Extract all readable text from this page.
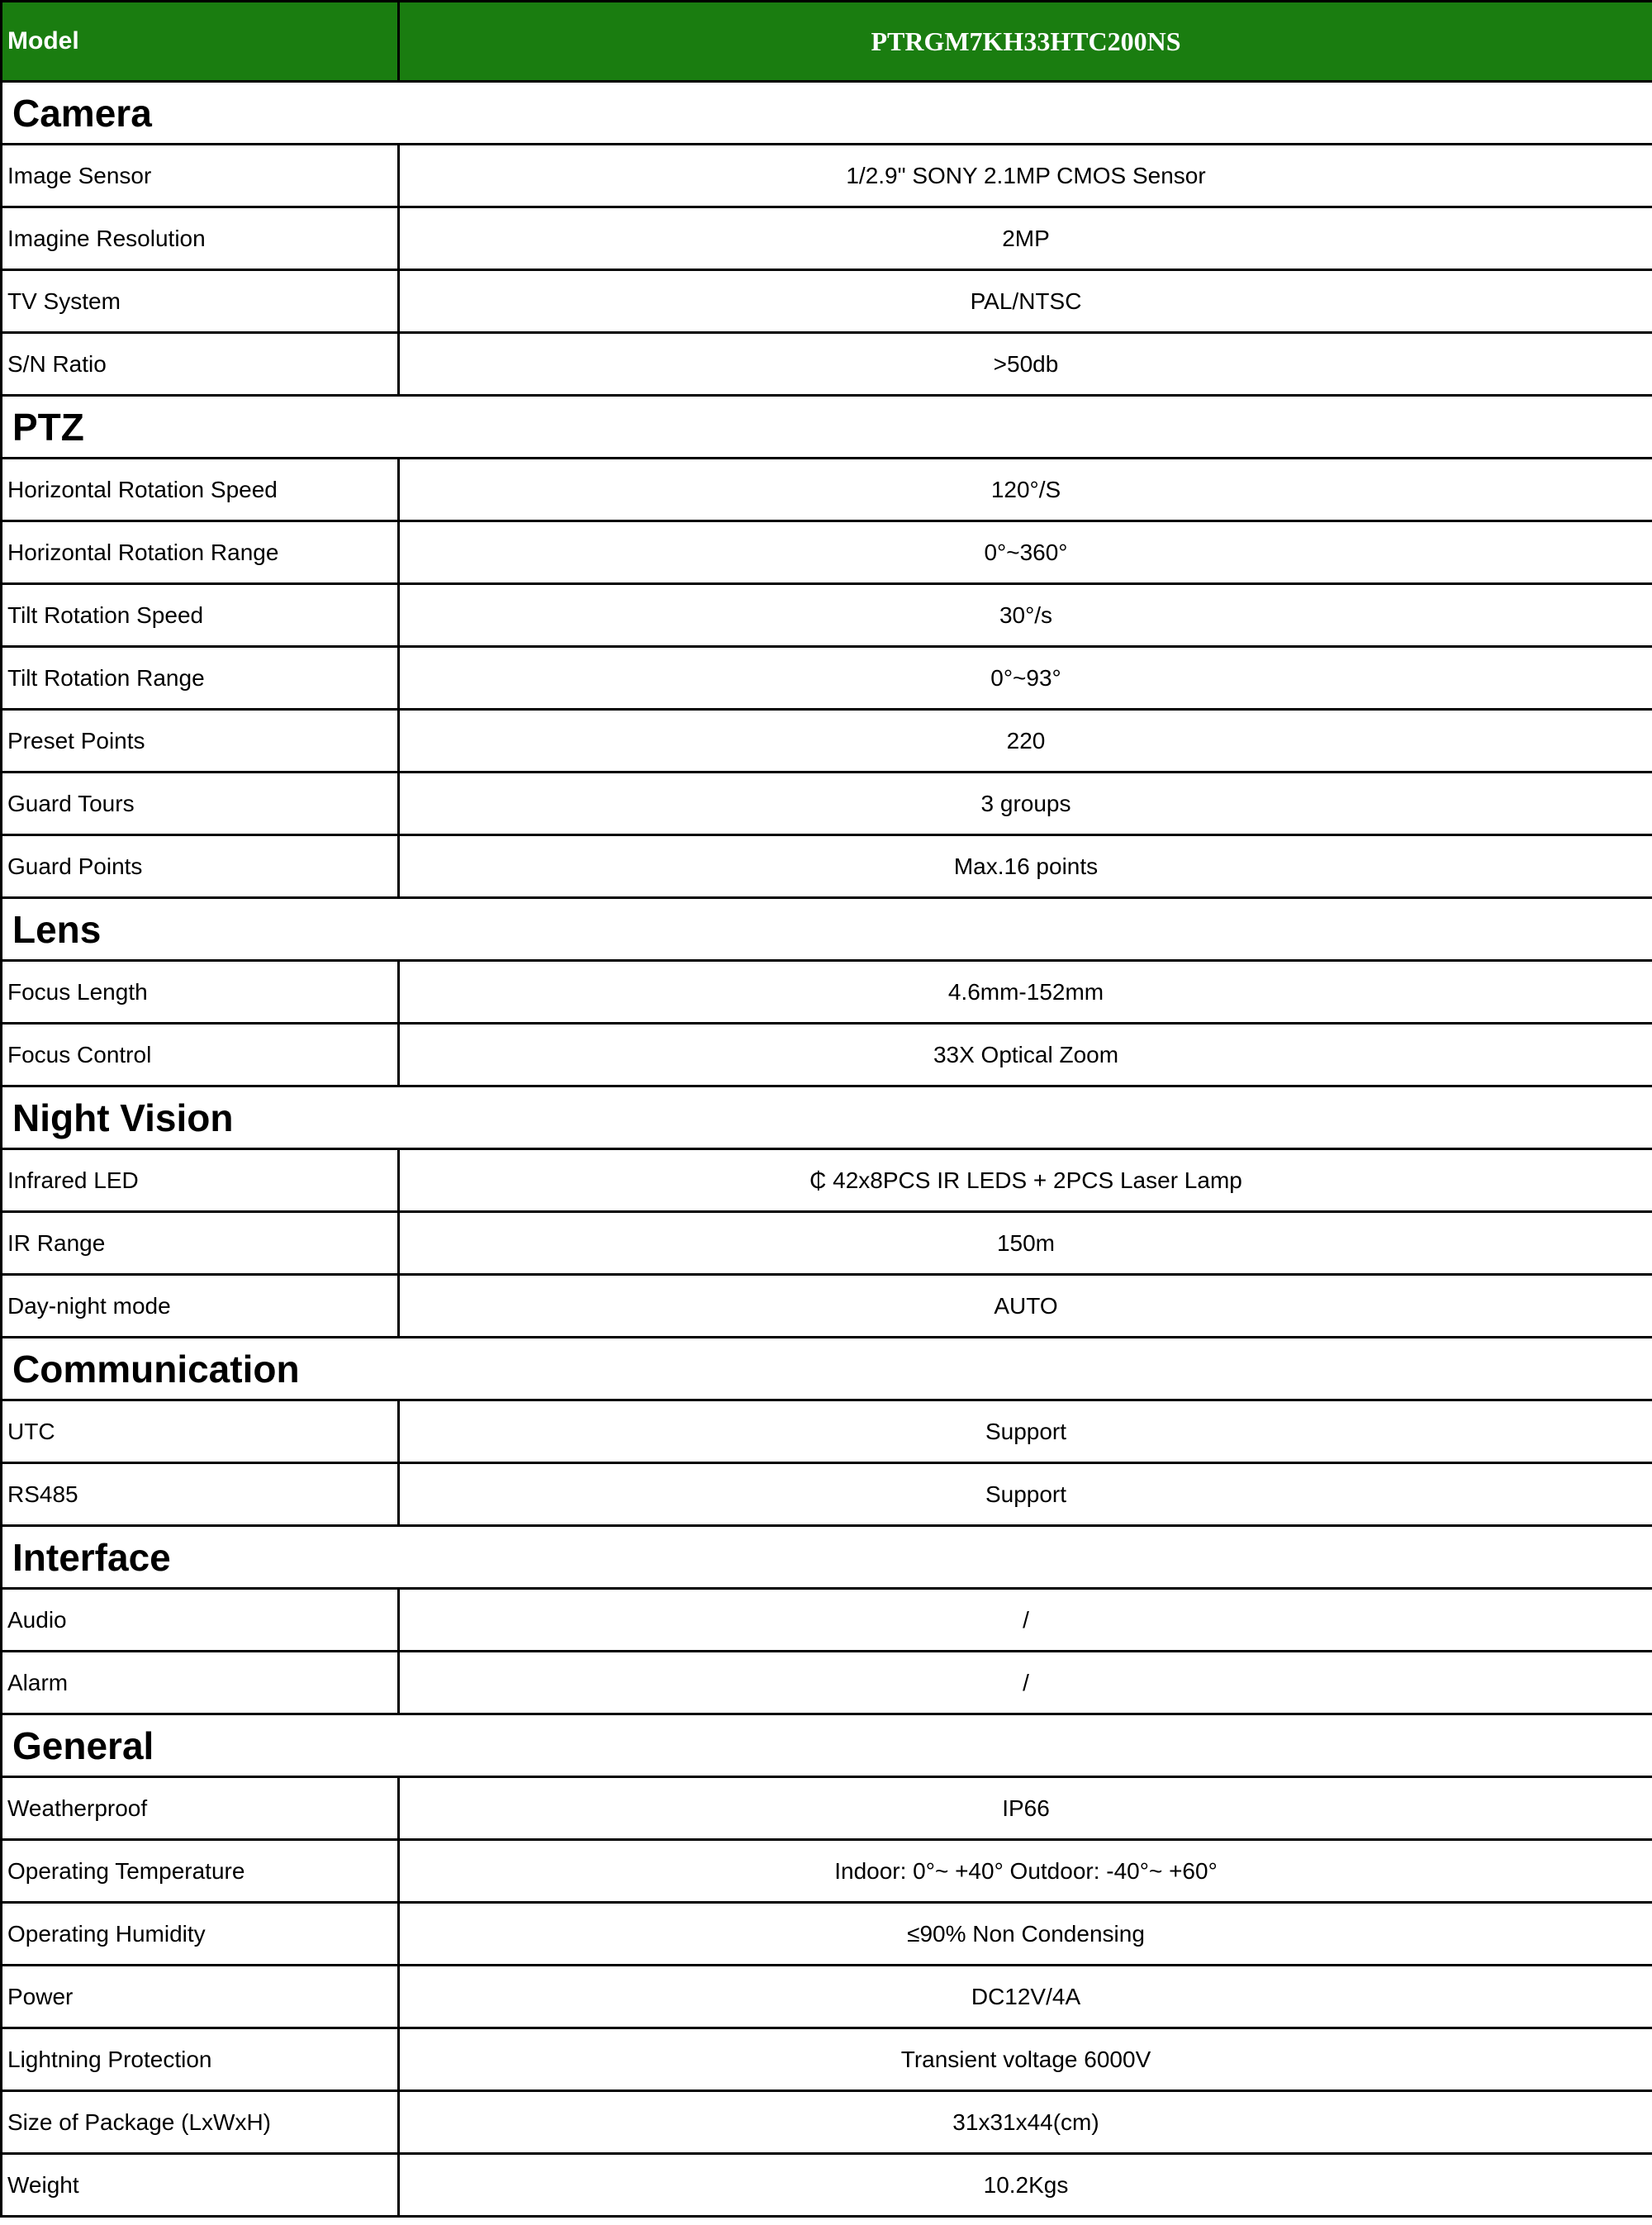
Model	PTRGM7KH33HTC200NS
Camera	
Image Sensor	1/2.9" SONY 2.1MP CMOS Sensor
Imagine Resolution	2MP
TV System	PAL/NTSC
S/N Ratio	>50db
PTZ	
Horizontal Rotation Speed	120°/S
Horizontal Rotation Range	0°~360°
Tilt Rotation Speed	30°/s
Tilt Rotation Range	0°~93°
Preset Points	220
Guard Tours	3 groups
Guard Points	Max.16 points
Lens	
Focus Length	4.6mm-152mm
Focus Control	33X Optical Zoom
Night Vision	
Infrared LED	₵ 42x8PCS IR LEDS + 2PCS Laser Lamp
IR Range	150m
Day-night mode	AUTO
Communication	
UTC	Support
RS485	Support
Interface	
Audio	/
Alarm	/
General	
Weatherproof	IP66
Operating Temperature	Indoor: 0°~ +40° Outdoor: -40°~ +60°
Operating Humidity	≤90% Non Condensing
Power	DC12V/4A
Lightning Protection	Transient voltage 6000V
Size of Package (LxWxH)	31x31x44(cm)
Weight	10.2Kgs
